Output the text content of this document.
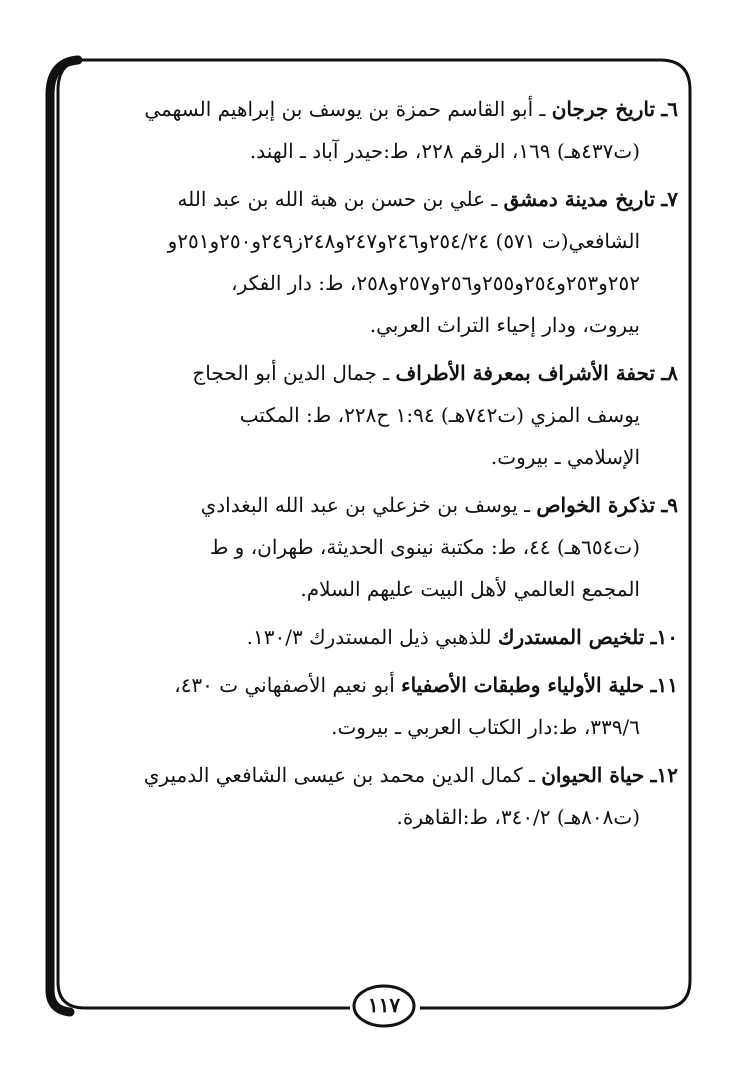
٦ـ تاريخ جرجان ـ أبو القاسم حمزة بن يوسف بن إبراهيم السهمي
(ت٤٣٧هـ) ١٦٩، الرقم ٢٢٨، ط:حيدر آباد ـ الهند.
٧ـ تاريخ مدينة دمشق ـ علي بن حسن بن هبة الله بن عبد الله
الشافعي(ت ٥٧١) ٢٥٤/٢٤و٢٤٦و٢٤٧و٢٤٨ز٢٤٩و٢٥٠و٢٥١و
٢٥٢و٢٥٣و٢٥٤و٢٥٥و٢٥٦و٢٥٧و٢٥٨، ط: دار الفكر،
بيروت، ودار إحياء التراث العربي.
٨ـ تحفة الأشراف بمعرفة الأطراف ـ جمال الدين أبو الحجاج
يوسف المزي (ت٧٤٢هـ) ١:٩٤ ح٢٢٨، ط: المكتب
الإسلامي ـ بيروت.
٩ـ تذكرة الخواص ـ يوسف بن خزعلي بن عبد الله البغدادي
(ت٦٥٤هـ) ٤٤، ط: مكتبة نينوى الحديثة، طهران، و ط
المجمع العالمي لأهل البيت عليهم السلام.
١٠ـ تلخيص المستدرك للذهبي ذيل المستدرك ١٣٠/٣.
١١ـ حلية الأولياء وطبقات الأصفياء أبو نعيم الأصفهاني ت ٤٣٠،
٣٣٩/٦، ط:دار الكتاب العربي ـ بيروت.
١٢ـ حياة الحيوان ـ كمال الدين محمد بن عيسى الشافعي الدميري
(ت٨٠٨هـ) ٣٤٠/٢، ط:القاهرة.
١١٧
